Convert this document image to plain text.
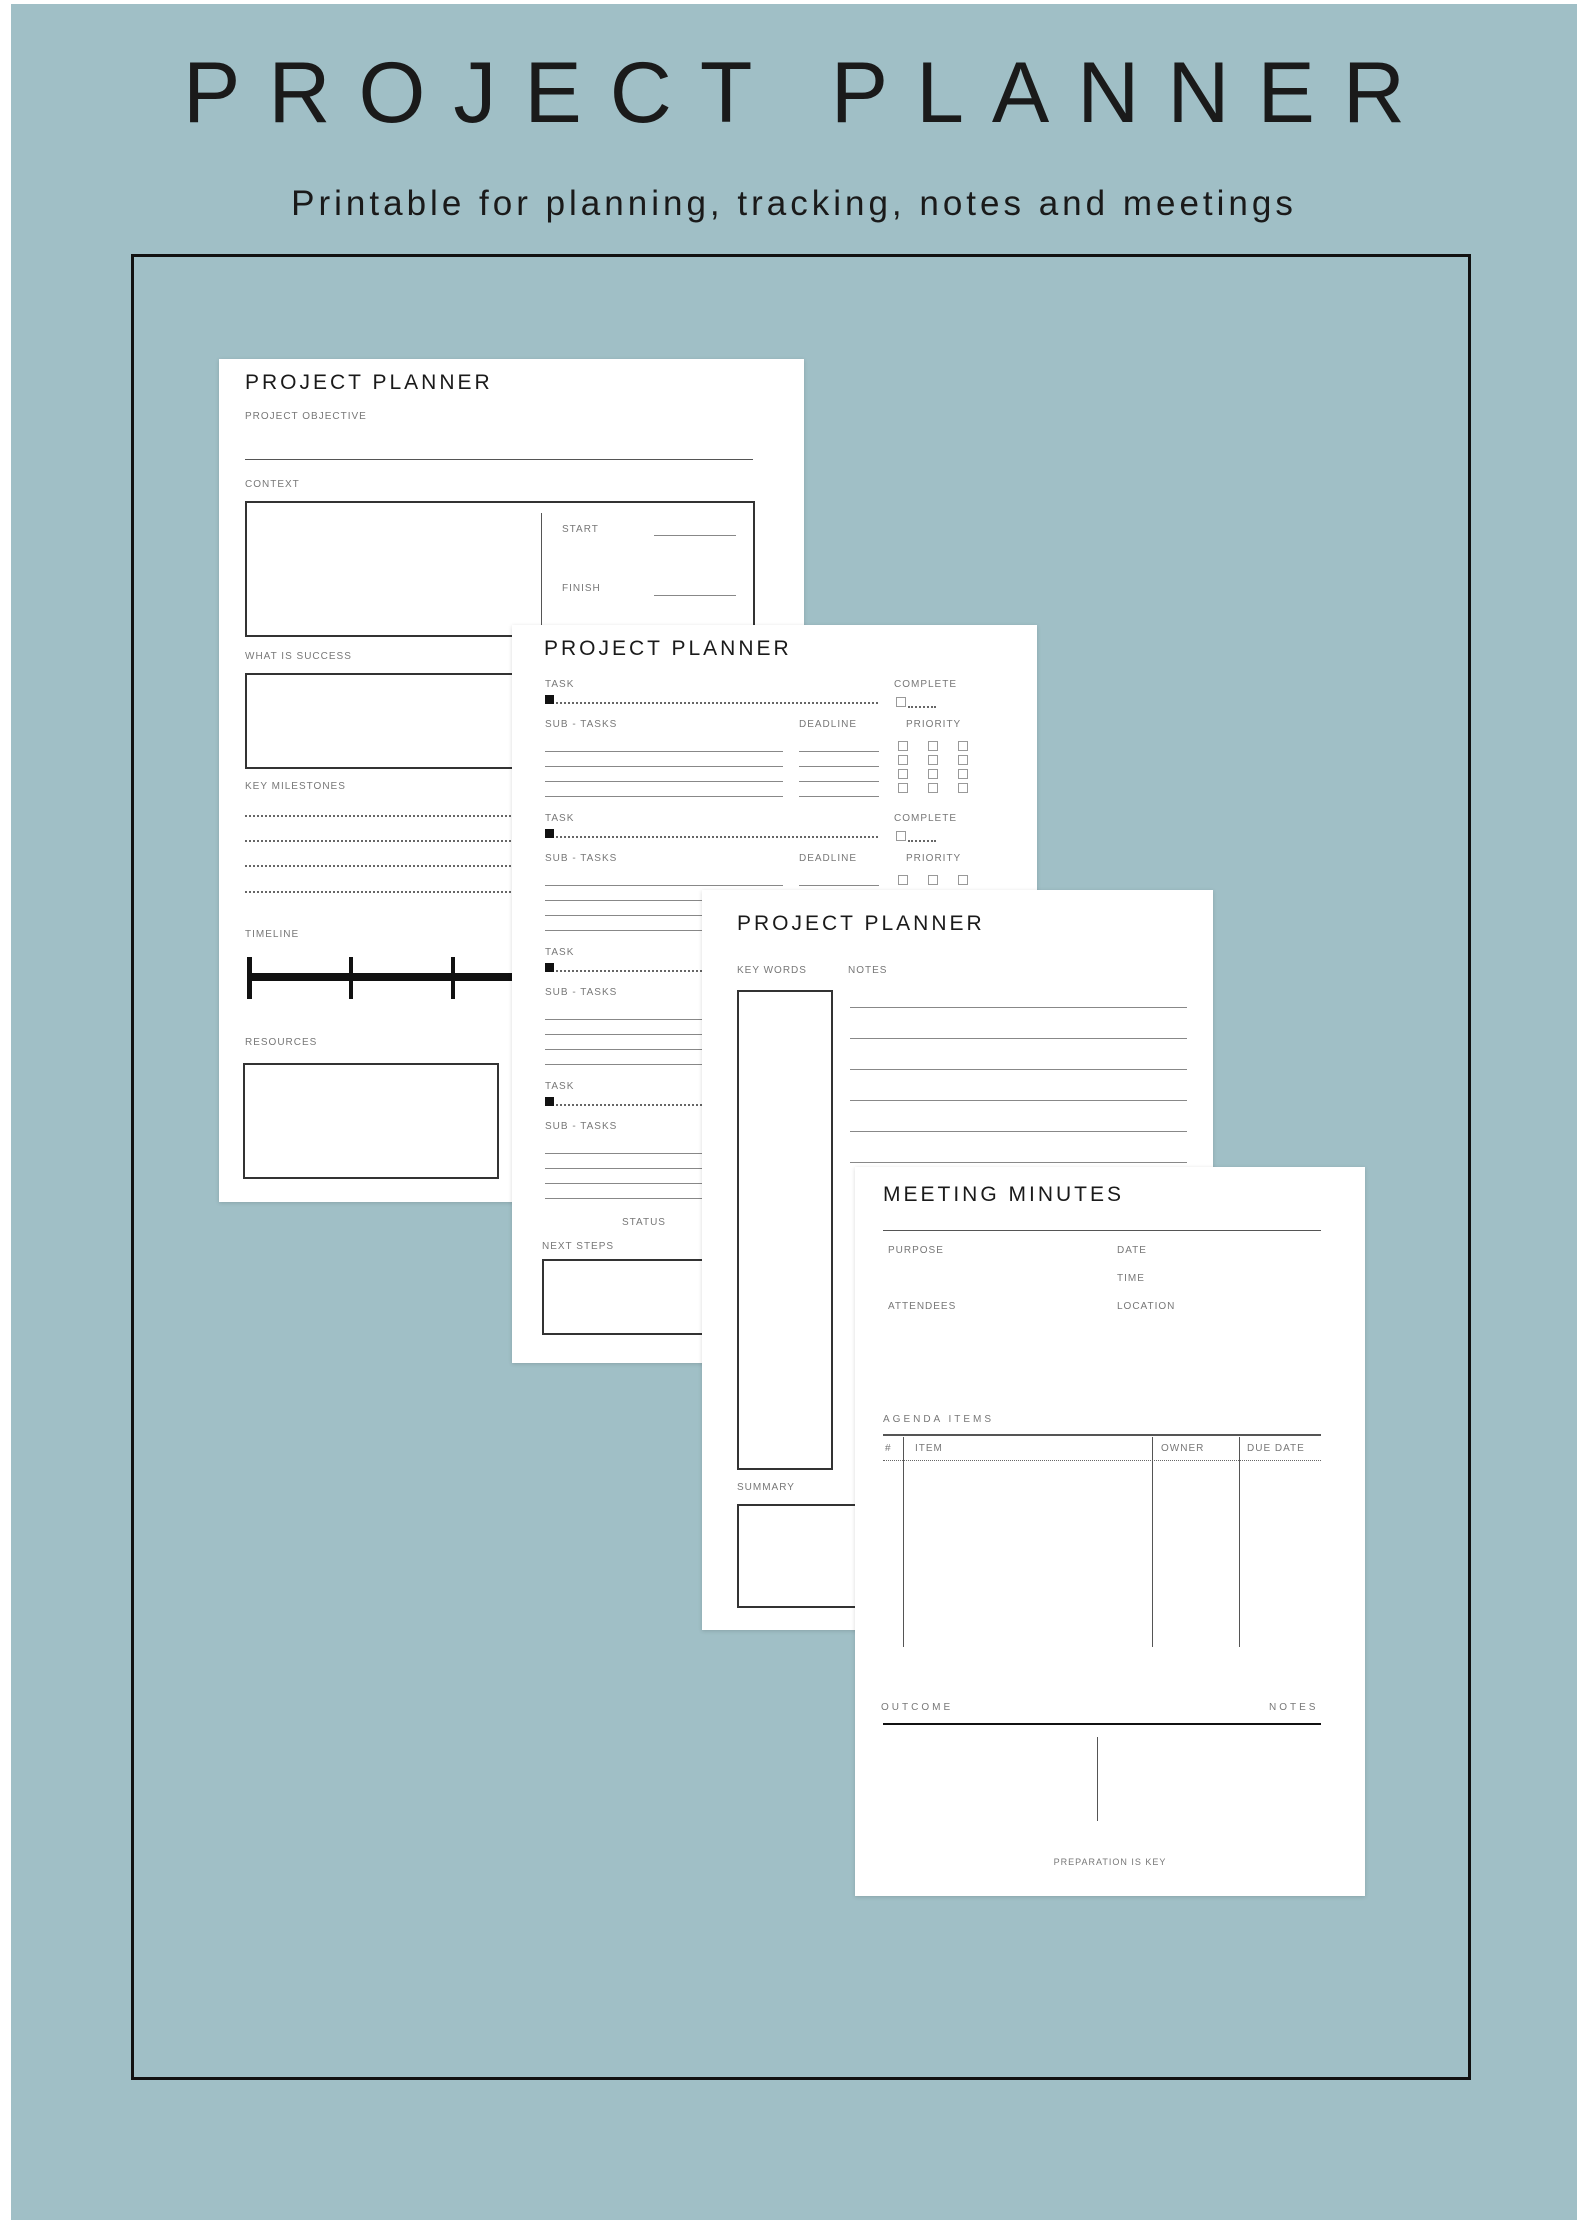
PROJECT PLANNER

Printable for planning, tracking, notes and meetings

PROJECT PLANNER
PROJECT OBJECTIVE
CONTEXT
START
FINISH
WHAT IS SUCCESS
KEY MILESTONES
TIMELINE
RESOURCES
PROJECT PLANNER
TASK
SUB - TASKS	DEADLINE
COMPLETE
PRIORITY
TASK
SUB - TASKS	DEADLINE
COMPLETE
PRIORITY
TASK
SUB - TASKS
TASK
SUB - TASKS
STATUS
NEXT STEPS
PROJECT PLANNER
KEY WORDS	NOTES
SUMMARY
MEETING MINUTES
PURPOSE	DATE
TIME
ATTENDEES	LOCATION
AGENDA ITEMS
# ITEM	OWNER	DUE DATE
OUTCOME	NOTES
PREPARATION IS KEY
